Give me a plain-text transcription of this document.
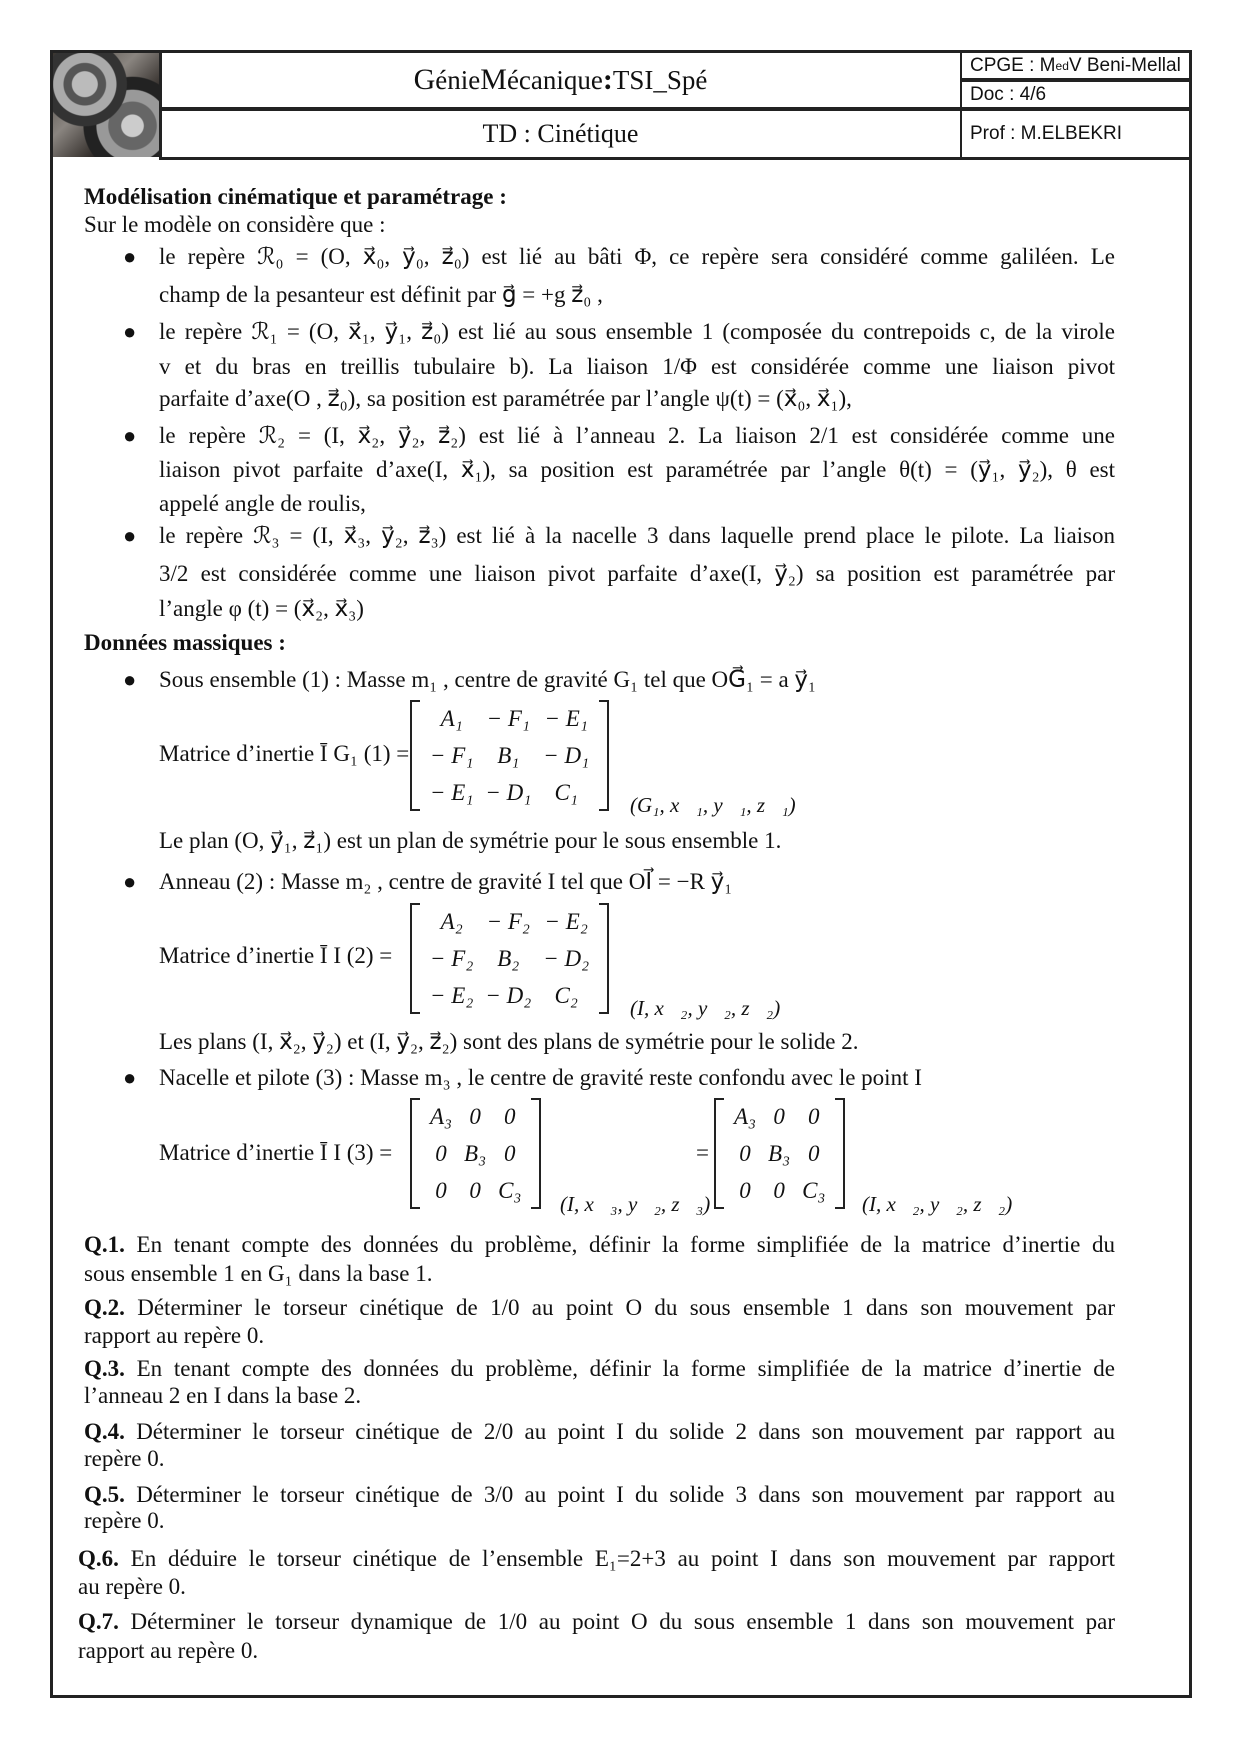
G énie M écanique : TSI_Spé
TD : Cinétique
CPGE : M ed V Beni-Mellal
Doc : 4/6
Prof : M.ELBEKRI
Modélisation cinématique et paramétrage :
Sur le modèle on considère que :
● le repère ℛ₀ = (O, x⃗₀, y⃗₀, z⃗₀) est lié au bâti Φ, ce repère sera considéré comme galiléen. Le
champ de la pesanteur est définit par g⃗ = +g z⃗₀ ,
● le repère ℛ₁ = (O, x⃗₁, y⃗₁, z⃗₀) est lié au sous ensemble 1 (composée du contrepoids c, de la virole
v et du bras en treillis tubulaire b). La liaison 1/Φ est considérée comme une liaison pivot
parfaite d’axe(O , z⃗₀), sa position est paramétrée par l’angle ψ(t) = (x⃗₀, x⃗₁),
● le repère ℛ₂ = (I, x⃗₂, y⃗₂, z⃗₂) est lié à l’anneau 2. La liaison 2/1 est considérée comme une
liaison pivot parfaite d’axe(I, x⃗₁), sa position est paramétrée par l’angle θ(t) = (y⃗₁, y⃗₂), θ est
appelé angle de roulis,
● le repère ℛ₃ = (I, x⃗₃, y⃗₂, z⃗₃) est lié à la nacelle 3 dans laquelle prend place le pilote. La liaison
3/2 est considérée comme une liaison pivot parfaite d’axe(I, y⃗₂) sa position est paramétrée par
l’angle φ (t) = (x⃗₂, x⃗₃)
Données massiques :
● Sous ensemble (1) : Masse m₁ , centre de gravité G₁ tel que OG⃗₁ = a y⃗₁
Matrice d’inertie Ī G₁ (1) =
A₁	− F₁	− E₁
− F₁	B₁	− D₁
− E₁	− D₁	C₁
(G₁, x⃗₁, y⃗₁, z⃗₁)
Le plan (O, y⃗₁, z⃗₁) est un plan de symétrie pour le sous ensemble 1.
● Anneau (2) : Masse m₂ , centre de gravité I tel que OI⃗ = −R y⃗₁
Matrice d’inertie Ī I (2) =
A₂	− F₂	− E₂
− F₂	B₂	− D₂
− E₂	− D₂	C₂
(I, x⃗₂, y⃗₂, z⃗₂)
Les plans (I, x⃗₂, y⃗₂) et (I, y⃗₂, z⃗₂) sont des plans de symétrie pour le solide 2.
● Nacelle et pilote (3) : Masse m₃ , le centre de gravité reste confondu avec le point I
Matrice d’inertie Ī I (3) =
A₃	0	0
0	B₃	0
0	0	C₃
(I, x⃗₃, y⃗₂, z⃗₃)
=
A₃	0	0
0	B₃	0
0	0	C₃
(I, x⃗₂, y⃗₂, z⃗₂)
Q.1. En tenant compte des données du problème, définir la forme simplifiée de la matrice d’inertie du
sous ensemble 1 en G₁ dans la base 1.
Q.2. Déterminer le torseur cinétique de 1/0 au point O du sous ensemble 1 dans son mouvement par
rapport au repère 0.
Q.3. En tenant compte des données du problème, définir la forme simplifiée de la matrice d’inertie de
l’anneau 2 en I dans la base 2.
Q.4. Déterminer le torseur cinétique de 2/0 au point I du solide 2 dans son mouvement par rapport au
repère 0.
Q.5. Déterminer le torseur cinétique de 3/0 au point I du solide 3 dans son mouvement par rapport au
repère 0.
Q.6. En déduire le torseur cinétique de l’ensemble E₁=2+3 au point I dans son mouvement par rapport
au repère 0.
Q.7. Déterminer le torseur dynamique de 1/0 au point O du sous ensemble 1 dans son mouvement par
rapport au repère 0.
